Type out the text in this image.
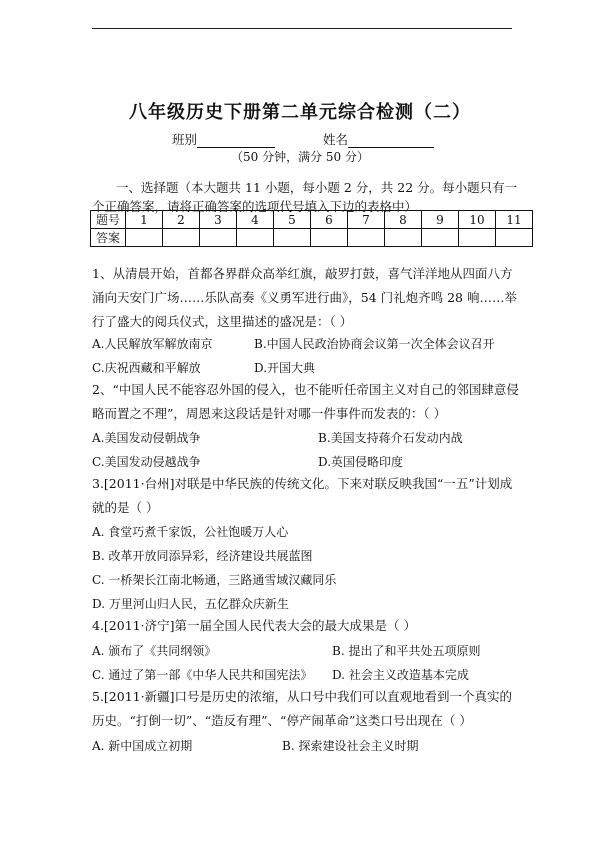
八年级历史下册第二单元综合检测（二）
班别	姓名
（50 分钟，满分 50 分）
一、选择题（本大题共 11 小题，每小题 2 分，共 22 分。每小题只有一个正确答案，请将正确答案的选项代号填入下边的表格中）
题号	1	2	3	4	5	6	7	8	9	10	11
答案											
1、从清晨开始，首都各界群众高举红旗，敲罗打鼓，喜气洋洋地从四面八方涌向天安门广场……乐队高奏《义勇军进行曲》，54 门礼炮齐鸣 28 响……举行了盛大的阅兵仪式，这里描述的盛况是：（ ）
A.人民解放军解放南京	B.中国人民政治协商会议第一次全体会议召开
C.庆祝西藏和平解放	D.开国大典
2、“中国人民不能容忍外国的侵入，也不能听任帝国主义对自己的邻国肆意侵略而置之不理”，周恩来这段话是针对哪一件事件而发表的：（ ）
A.美国发动侵朝战争	B.美国支持蒋介石发动内战
C.美国发动侵越战争	D.英国侵略印度
3.[2011·台州]对联是中华民族的传统文化。下来对联反映我国“一五”计划成就的是（ ）
A. 食堂巧煮千家饭，公社饱暖万人心
B. 改革开放同添异彩，经济建设共展蓝图
C. 一桥架长江南北畅通，三路通雪域汉藏同乐
D. 万里河山归人民，五亿群众庆新生
4.[2011·济宁]第一届全国人民代表大会的最大成果是（ ）
A. 颁布了《共同纲领》	B. 提出了和平共处五项原则
C. 通过了第一部《中华人民共和国宪法》 D. 社会主义改造基本完成
5.[2011·新疆]口号是历史的浓缩，从口号中我们可以直观地看到一个真实的历史。“打倒一切”、“造反有理”、“停产闹革命”这类口号出现在（ ）
A. 新中国成立初期	B. 探索建设社会主义时期
